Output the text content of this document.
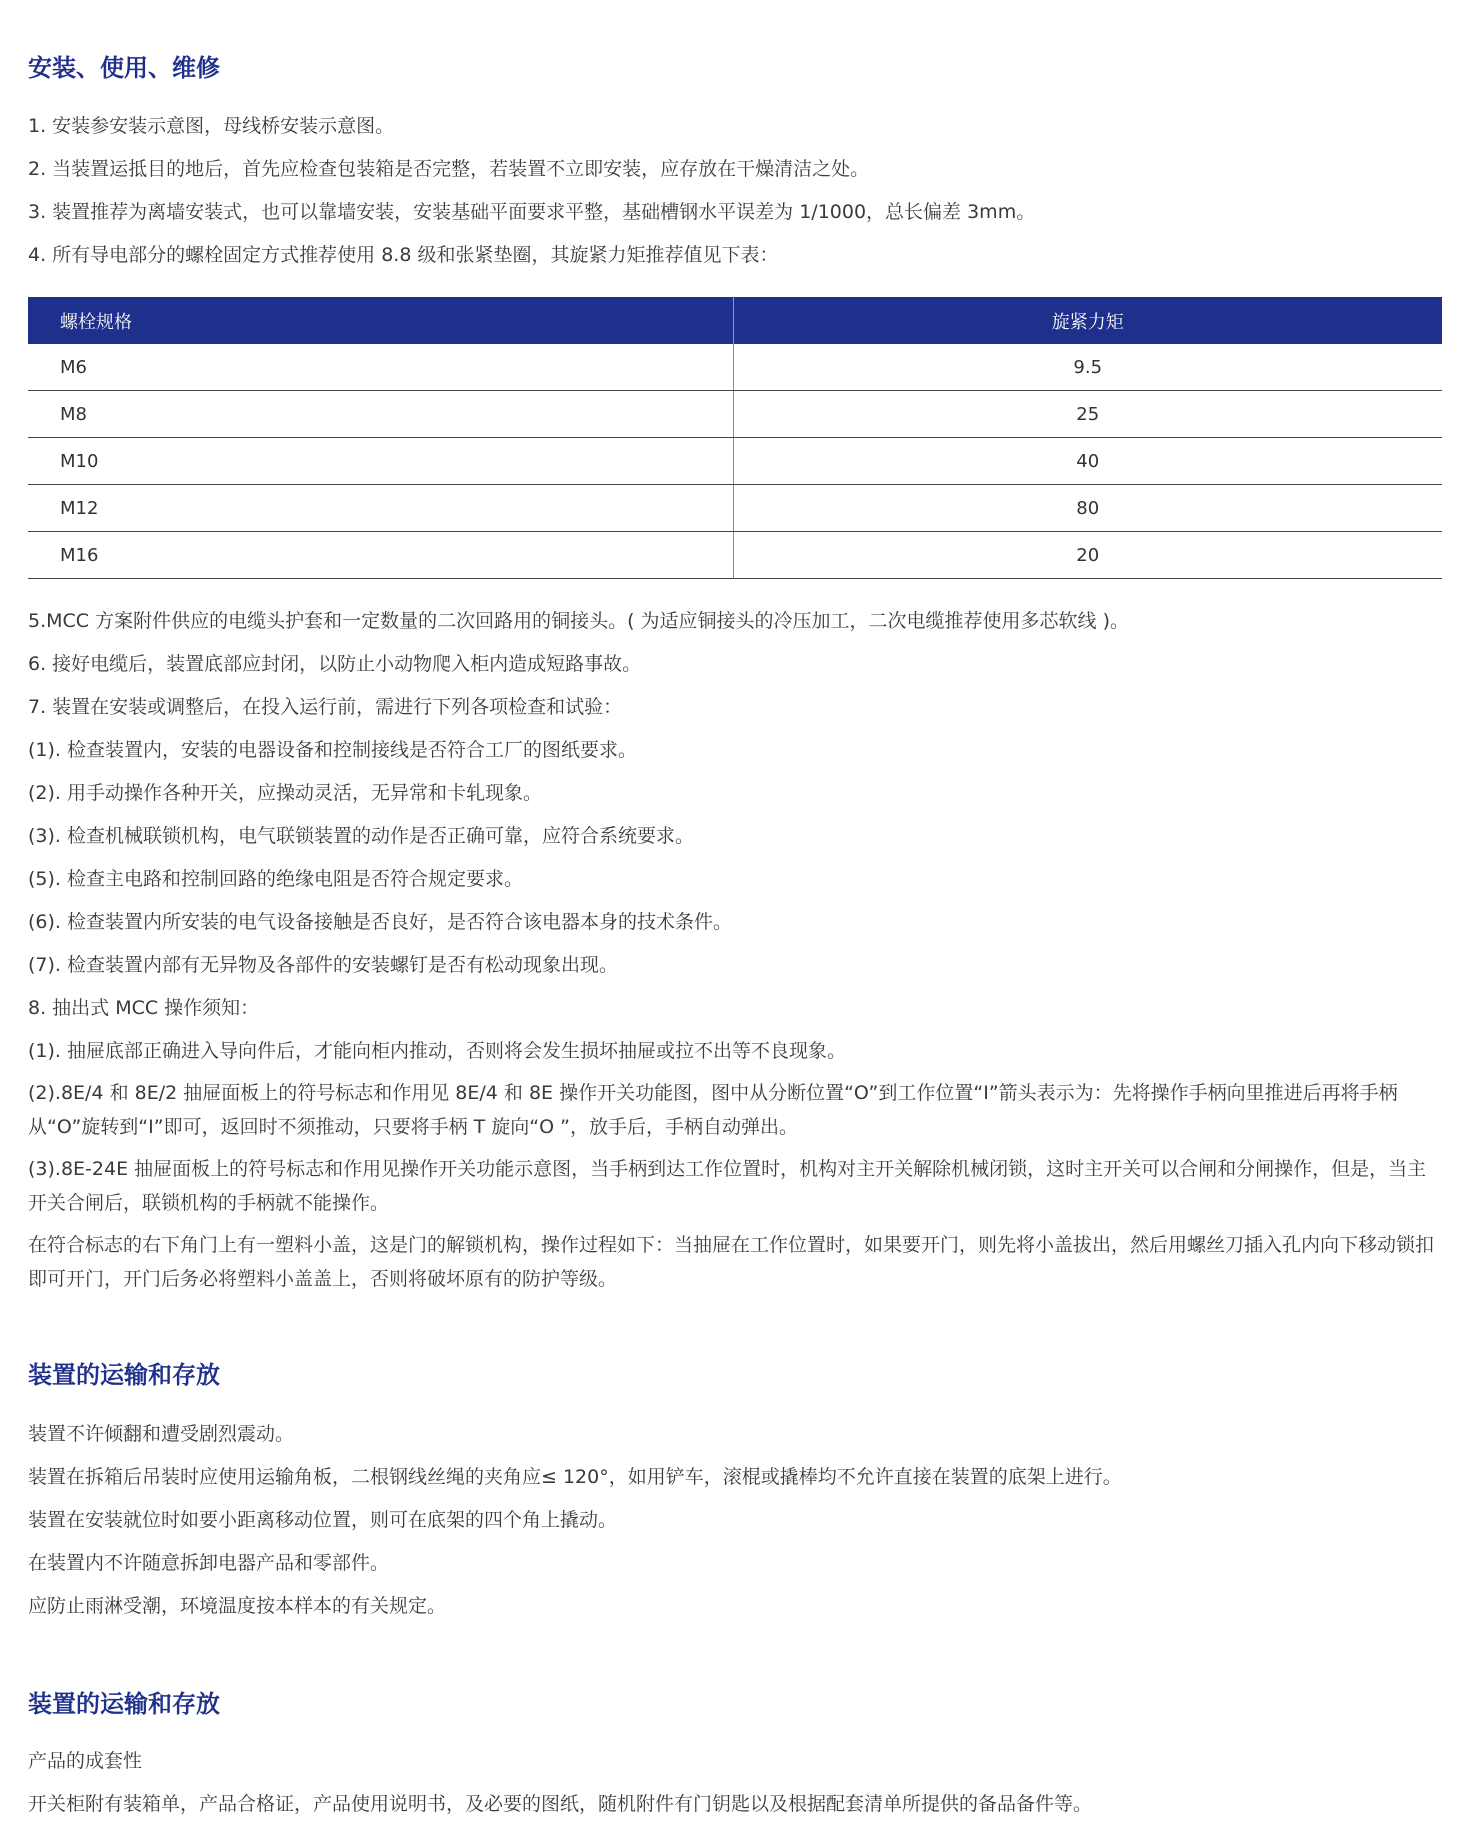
安装、使用、维修

1. 安装参安装示意图，母线桥安装示意图。

2. 当装置运抵目的地后，首先应检查包装箱是否完整，若装置不立即安装，应存放在干燥清洁之处。

3. 装置推荐为离墙安装式，也可以靠墙安装，安装基础平面要求平整，基础槽钢水平误差为 1/1000，总长偏差 3mm。

4. 所有导电部分的螺栓固定方式推荐使用 8.8 级和张紧垫圈，其旋紧力矩推荐值见下表：

螺栓规格	旋紧力矩
M6	9.5
M8	25
M10	40
M12	80
M16	20

5.MCC 方案附件供应的电缆头护套和一定数量的二次回路用的铜接头。( 为适应铜接头的冷压加工，二次电缆推荐使用多芯软线 )。

6. 接好电缆后，装置底部应封闭，以防止小动物爬入柜内造成短路事故。

7. 装置在安装或调整后，在投入运行前，需进行下列各项检查和试验：

(1). 检查装置内，安装的电器设备和控制接线是否符合工厂的图纸要求。

(2). 用手动操作各种开关，应操动灵活，无异常和卡轧现象。

(3). 检查机械联锁机构，电气联锁装置的动作是否正确可靠，应符合系统要求。

(5). 检查主电路和控制回路的绝缘电阻是否符合规定要求。

(6). 检查装置内所安装的电气设备接触是否良好，是否符合该电器本身的技术条件。

(7). 检查装置内部有无异物及各部件的安装螺钉是否有松动现象出现。

8. 抽出式 MCC 操作须知：

(1). 抽屉底部正确进入导向件后，才能向柜内推动，否则将会发生损坏抽屉或拉不出等不良现象。

(2).8E/4 和 8E/2 抽屉面板上的符号标志和作用见 8E/4 和 8E 操作开关功能图，图中从分断位置“O”到工作位置“I”箭头表示为：先将操作手柄向里推进后再将手柄从“O”旋转到“I”即可，返回时不须推动，只要将手柄 T 旋向“O ”，放手后，手柄自动弹出。

(3).8E-24E 抽屉面板上的符号标志和作用见操作开关功能示意图，当手柄到达工作位置时，机构对主开关解除机械闭锁，这时主开关可以合闸和分闸操作，但是，当主开关合闸后，联锁机构的手柄就不能操作。

在符合标志的右下角门上有一塑料小盖，这是门的解锁机构，操作过程如下：当抽屉在工作位置时，如果要开门，则先将小盖拔出，然后用螺丝刀插入孔内向下移动锁扣即可开门，开门后务必将塑料小盖盖上，否则将破坏原有的防护等级。

装置的运输和存放

装置不许倾翻和遭受剧烈震动。

装置在拆箱后吊装时应使用运输角板，二根钢线丝绳的夹角应≤ 120°，如用铲车，滚棍或撬棒均不允许直接在装置的底架上进行。

装置在安装就位时如要小距离移动位置，则可在底架的四个角上撬动。

在装置内不许随意拆卸电器产品和零部件。

应防止雨淋受潮，环境温度按本样本的有关规定。

装置的运输和存放

产品的成套性

开关柜附有装箱单，产品合格证，产品使用说明书，及必要的图纸，随机附件有门钥匙以及根据配套清单所提供的备品备件等。
